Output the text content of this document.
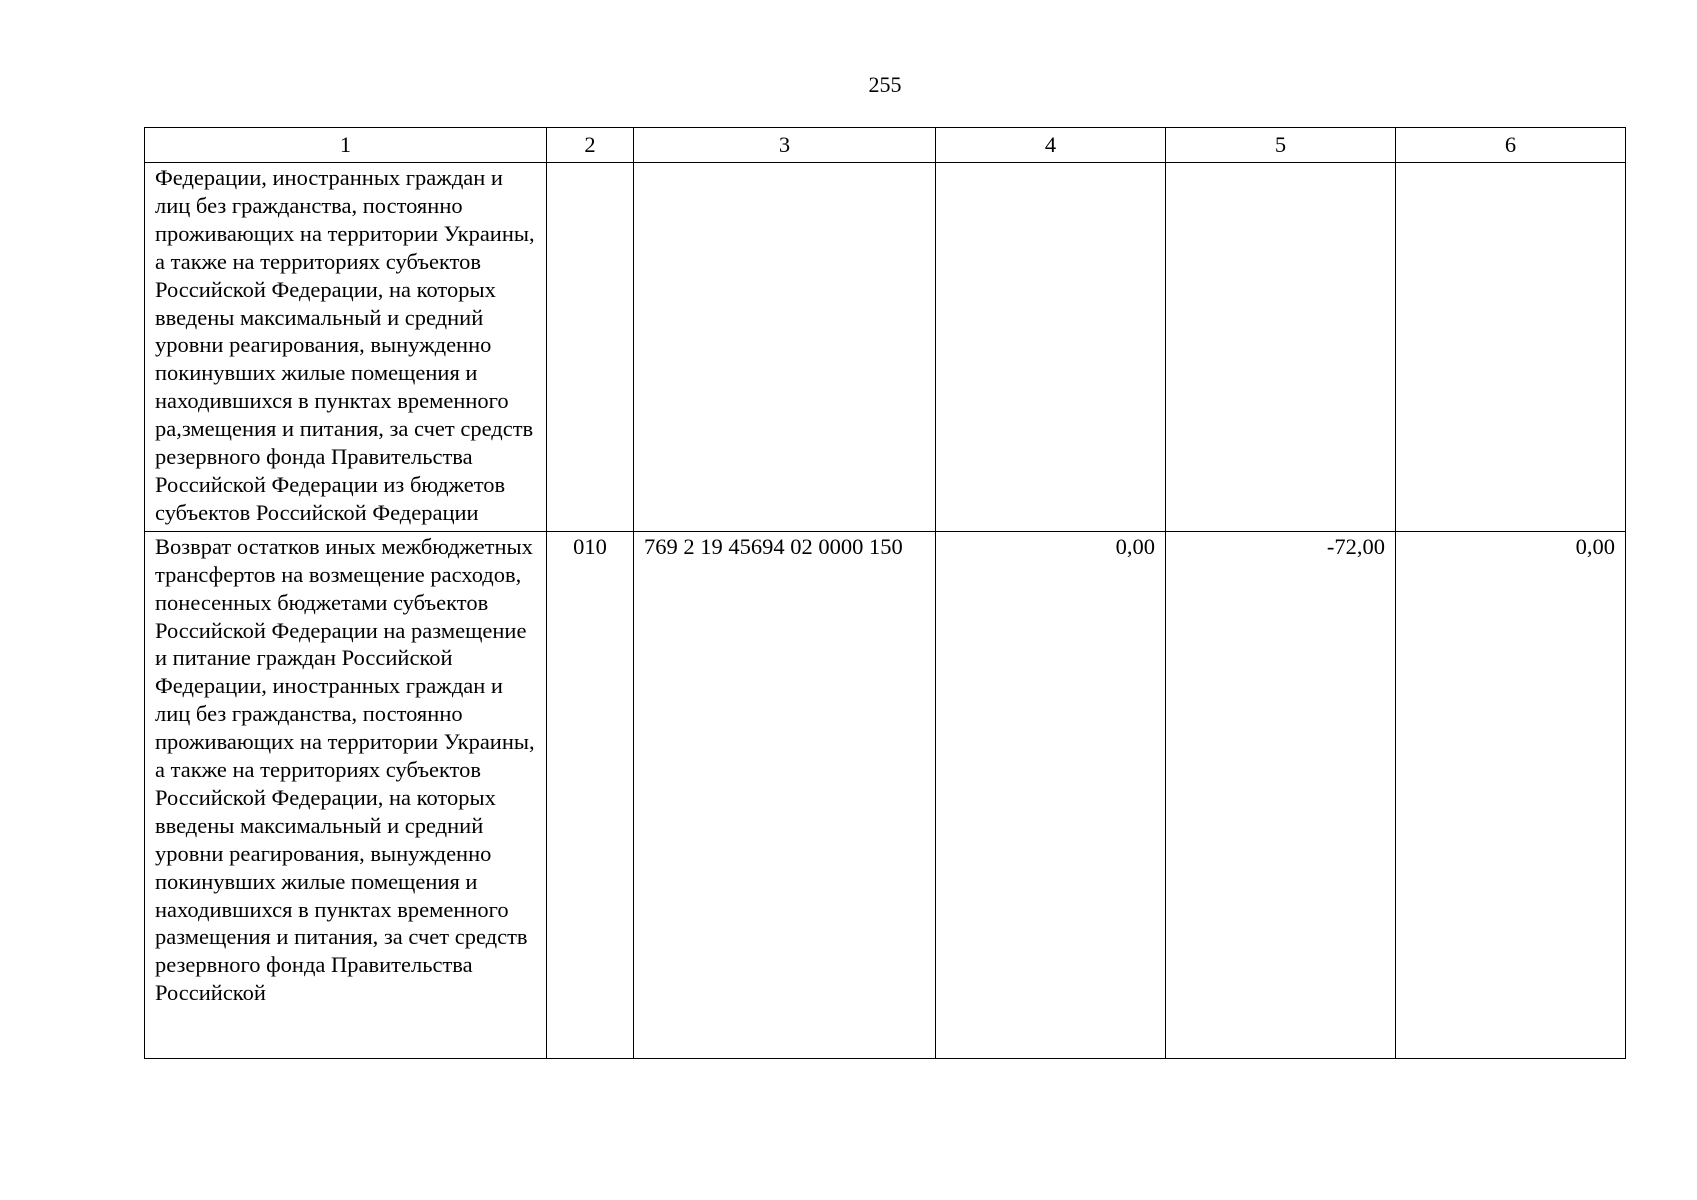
255
1	2	3	4	5	6
Федерации, иностранных граждан и лиц без гражданства, постоянно проживающих на территории Украины, а также на территориях субъектов Российской Федерации, на которых введены максимальный и средний уровни реагирования, вынужденно покинувших жилые помещения и находившихся в пунктах временного ра,змещения и питания, за счет средств резервного фонда Правительства Российской Федерации из бюджетов субъектов Российской Федерации					
Возврат остатков иных межбюджетных трансфертов на возмещение расходов, понесенных бюджетами субъектов Российской Федерации на размещение и питание граждан Российской Федерации, иностранных граждан и лиц без гражданства, постоянно проживающих на территории Украины, а также на территориях субъектов Российской Федерации, на которых введены максимальный и средний уровни реагирования, вынужденно покинувших жилые помещения и находившихся в пунктах временного размещения и питания, за счет средств резервного фонда Правительства Российской	010	769 2 19 45694 02 0000 150	0,00	-72,00	0,00
